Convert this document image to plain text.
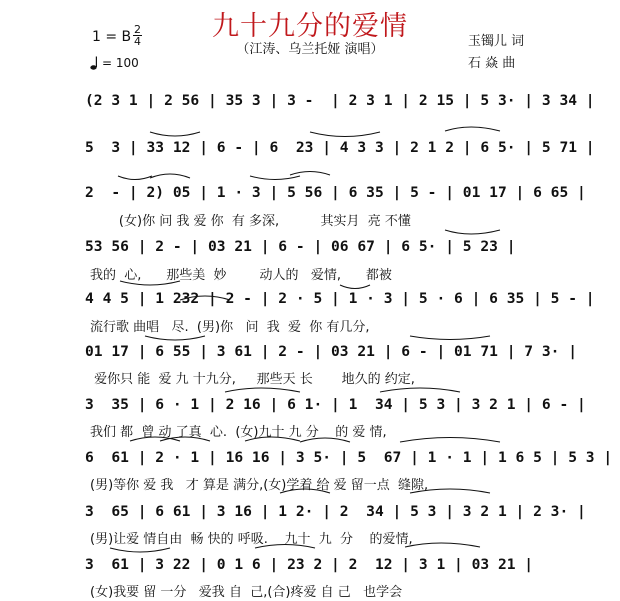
九十九分的爱情
（江涛、乌兰托娅 演唱）
1 = B 2
4
= 100
玉镯儿 词
石 焱 曲
(2 3 1 | 2 56 | 35 3 | 3 -  | 2 3 1 | 2 15 | 5 3· | 3 34 |
5  3 | 33 12 | 6 - | 6  23 | 4 3 3 | 2 1 2 | 6 5· | 5 71 |
2  - | 2) 05 | 1 · 3 | 5 56 | 6 35 | 5 - | 01 17 | 6 65 |
(女)你 问 我 爱 你  有 多深,          其实月  亮 不懂
53 56 | 2 - | 03 21 | 6 - | 06 67 | 6 5· | 5 23 |
我的  心,      那些美  妙        动人的   爱情,      都被
4 4 5 | 1 232 | 2 - | 2 · 5 | 1 · 3 | 5 · 6 | 6 35 | 5 - |
流行歌 曲唱   尽.  (男)你   问  我  爱  你 有几分,
01 17 | 6 55 | 3 61 | 2 - | 03 21 | 6 - | 01 71 | 7 3· |
爱你只 能  爱 九 十九分,     那些天 长       地久的 约定,
3  35 | 6 · 1 | 2 16 | 6 1· | 1  34 | 5 3 | 3 2 1 | 6 - |
我们 都  曾 动 了真  心.  (女)九十 九 分    的 爱 情,
6  61 | 2 · 1 | 16 16 | 3 5· | 5  67 | 1 · 1 | 1 6 5 | 5 3 |
(男)等你 爱 我   才 算是 满分,(女)学着 给 爱 留一点  缝隙,
3  65 | 6 61 | 3 16 | 1 2· | 2  34 | 5 3 | 3 2 1 | 2 3· |
(男)让爱 情自由  畅 快的 呼吸.    九十  九  分    的爱情,
3  61 | 3 22 | 0 1 6 | 23 2 | 2  12 | 3 1 | 03 21 |
(女)我要 留 一分   爱我 自  己,(合)疼爱 自 己   也学会
